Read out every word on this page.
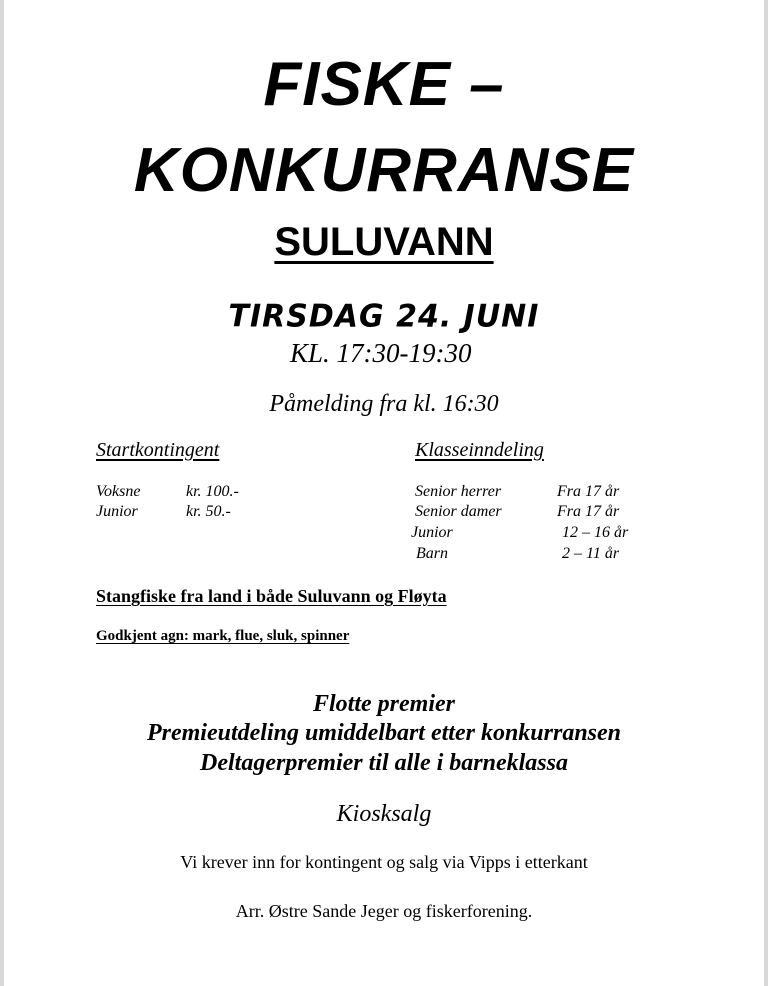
FISKE –
KONKURRANSE
SULUVANN
TIRSDAG 24. JUNI
KL. 17:30-19:30
Påmelding fra kl. 16:30
Startkontingent	Klasseinndeling
Voksne	kr. 100.-
Junior	kr. 50.-
Senior herrer	Fra 17 år
Senior damer	Fra 17 år
Junior	12 – 16 år
Barn	2 – 11 år
Stangfiske fra land i både Suluvann og Fløyta
Godkjent agn: mark, flue, sluk, spinner
Flotte premier
Premieutdeling umiddelbart etter konkurransen
Deltagerpremier til alle i barneklassa
Kiosksalg
Vi krever inn for kontingent og salg via Vipps i etterkant
Arr. Østre Sande Jeger og fiskerforening.
